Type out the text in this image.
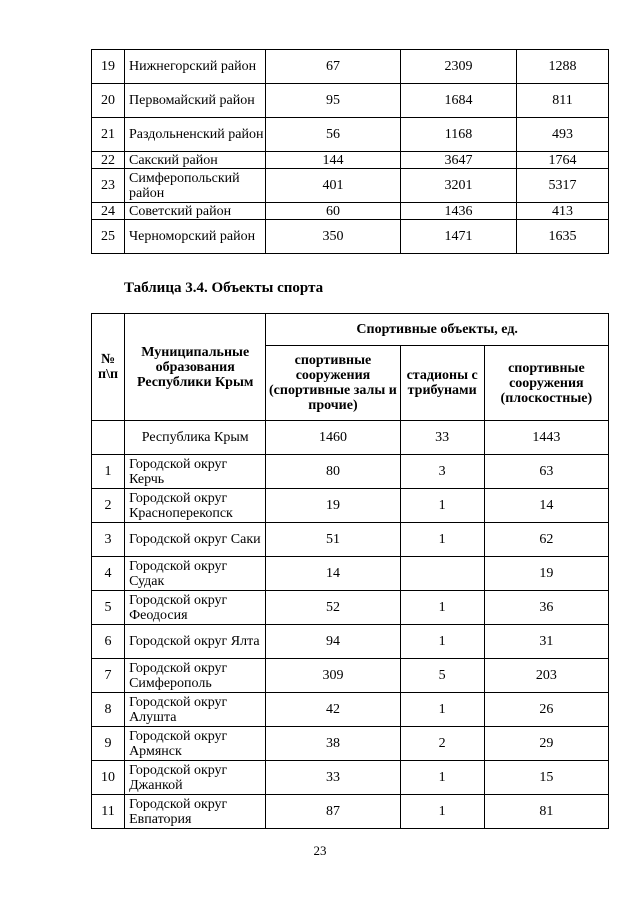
19	Нижнегорский район	67	2309	1288
20	Первомайский район	95	1684	811
21	Раздольненский район	56	1168	493
22	Сакский район	144	3647	1764
23	Симферопольский район	401	3201	5317
24	Советский район	60	1436	413
25	Черноморский район	350	1471	1635
Таблица 3.4. Объекты спорта
№ п\п	Муниципальные образования Республики Крым	Спортивные объекты, ед.		
		спортивные сооружения (спортивные залы и прочие)	стадионы с трибунами	спортивные сооружения (плоскостные)
	Республика Крым	1460	33	1443
1	Городской округ Керчь	80	3	63
2	Городской округ Красноперекопск	19	1	14
3	Городской округ Саки	51	1	62
4	Городской округ Судак	14		19
5	Городской округ Феодосия	52	1	36
6	Городской округ Ялта	94	1	31
7	Городской округ Симферополь	309	5	203
8	Городской округ Алушта	42	1	26
9	Городской округ Армянск	38	2	29
10	Городской округ Джанкой	33	1	15
11	Городской округ Евпатория	87	1	81
23
